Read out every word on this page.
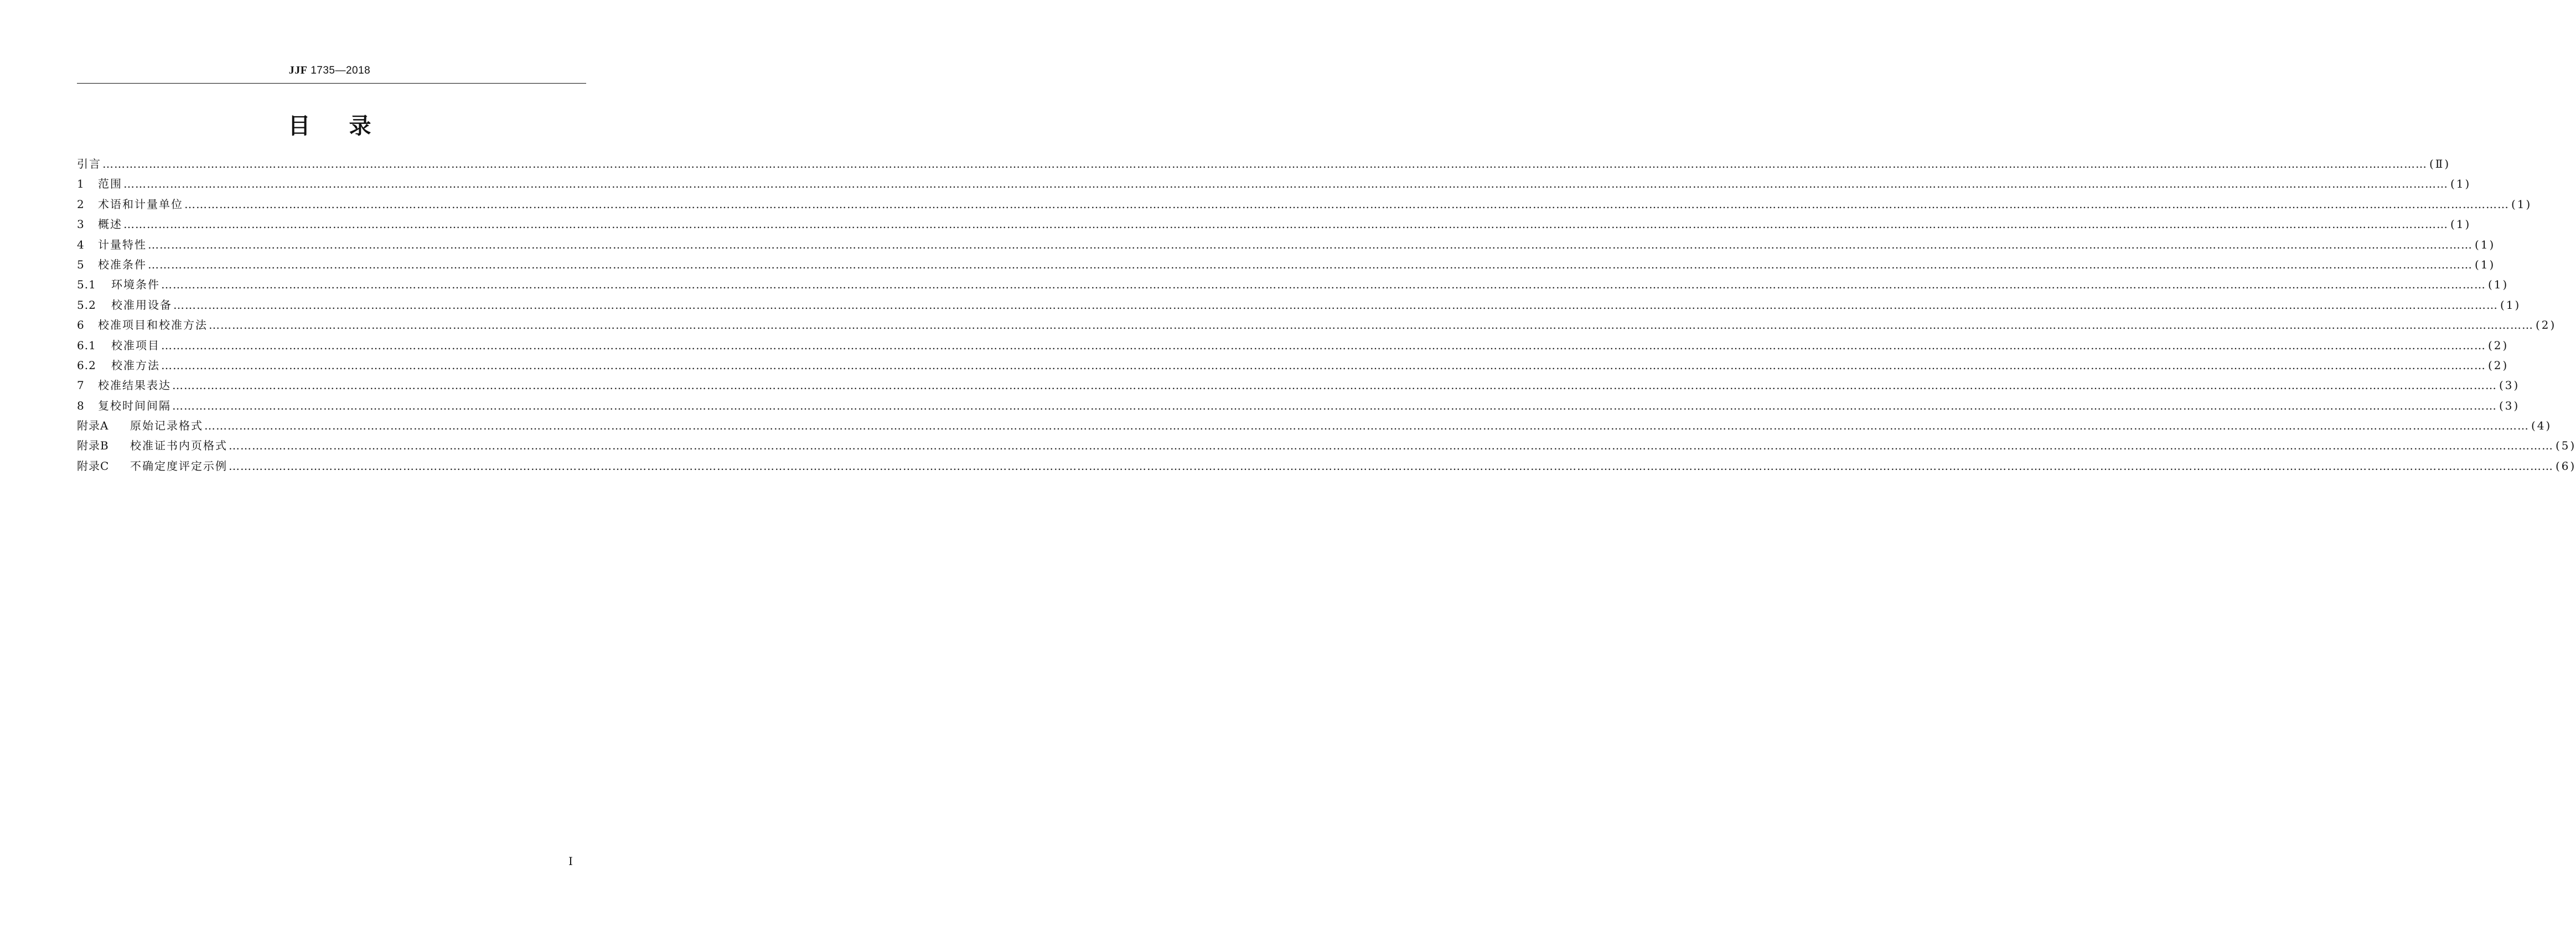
JJF 1735—2018
目录
引言 …………………………………………………………………………………………………………………………………………………………………………………………………………………………………………………………………………………………………………………………………………………………………………………………………………………………………………………………………………………………………………………………………………………… (Ⅱ)
1	范围 …………………………………………………………………………………………………………………………………………………………………………………………………………………………………………………………………………………………………………………………………………………………………………………………………………………………………………………………………………………………………………………………………………………… (1)
2	术语和计量单位 …………………………………………………………………………………………………………………………………………………………………………………………………………………………………………………………………………………………………………………………………………………………………………………………………………………………………………………………………………………………………………………………………………………… (1)
3	概述 …………………………………………………………………………………………………………………………………………………………………………………………………………………………………………………………………………………………………………………………………………………………………………………………………………………………………………………………………………………………………………………………………………………… (1)
4	计量特性 …………………………………………………………………………………………………………………………………………………………………………………………………………………………………………………………………………………………………………………………………………………………………………………………………………………………………………………………………………………………………………………………………………………… (1)
5	校准条件 …………………………………………………………………………………………………………………………………………………………………………………………………………………………………………………………………………………………………………………………………………………………………………………………………………………………………………………………………………………………………………………………………………………… (1)
5.1	环境条件 …………………………………………………………………………………………………………………………………………………………………………………………………………………………………………………………………………………………………………………………………………………………………………………………………………………………………………………………………………………………………………………………………………………… (1)
5.2	校准用设备 …………………………………………………………………………………………………………………………………………………………………………………………………………………………………………………………………………………………………………………………………………………………………………………………………………………………………………………………………………………………………………………………………………………… (1)
6	校准项目和校准方法 …………………………………………………………………………………………………………………………………………………………………………………………………………………………………………………………………………………………………………………………………………………………………………………………………………………………………………………………………………………………………………………………………………………… (2)
6.1	校准项目 …………………………………………………………………………………………………………………………………………………………………………………………………………………………………………………………………………………………………………………………………………………………………………………………………………………………………………………………………………………………………………………………………………………… (2)
6.2	校准方法 …………………………………………………………………………………………………………………………………………………………………………………………………………………………………………………………………………………………………………………………………………………………………………………………………………………………………………………………………………………………………………………………………………………… (2)
7	校准结果表达 …………………………………………………………………………………………………………………………………………………………………………………………………………………………………………………………………………………………………………………………………………………………………………………………………………………………………………………………………………………………………………………………………………………… (3)
8	复校时间间隔 …………………………………………………………………………………………………………………………………………………………………………………………………………………………………………………………………………………………………………………………………………………………………………………………………………………………………………………………………………………………………………………………………………………… (3)
附录A	原始记录格式 …………………………………………………………………………………………………………………………………………………………………………………………………………………………………………………………………………………………………………………………………………………………………………………………………………………………………………………………………………………………………………………………………………………… (4)
附录B	校准证书内页格式 …………………………………………………………………………………………………………………………………………………………………………………………………………………………………………………………………………………………………………………………………………………………………………………………………………………………………………………………………………………………………………………………………………………… (5)
附录C	不确定度评定示例 …………………………………………………………………………………………………………………………………………………………………………………………………………………………………………………………………………………………………………………………………………………………………………………………………………………………………………………………………………………………………………………………………………………… (6)
Ⅰ
